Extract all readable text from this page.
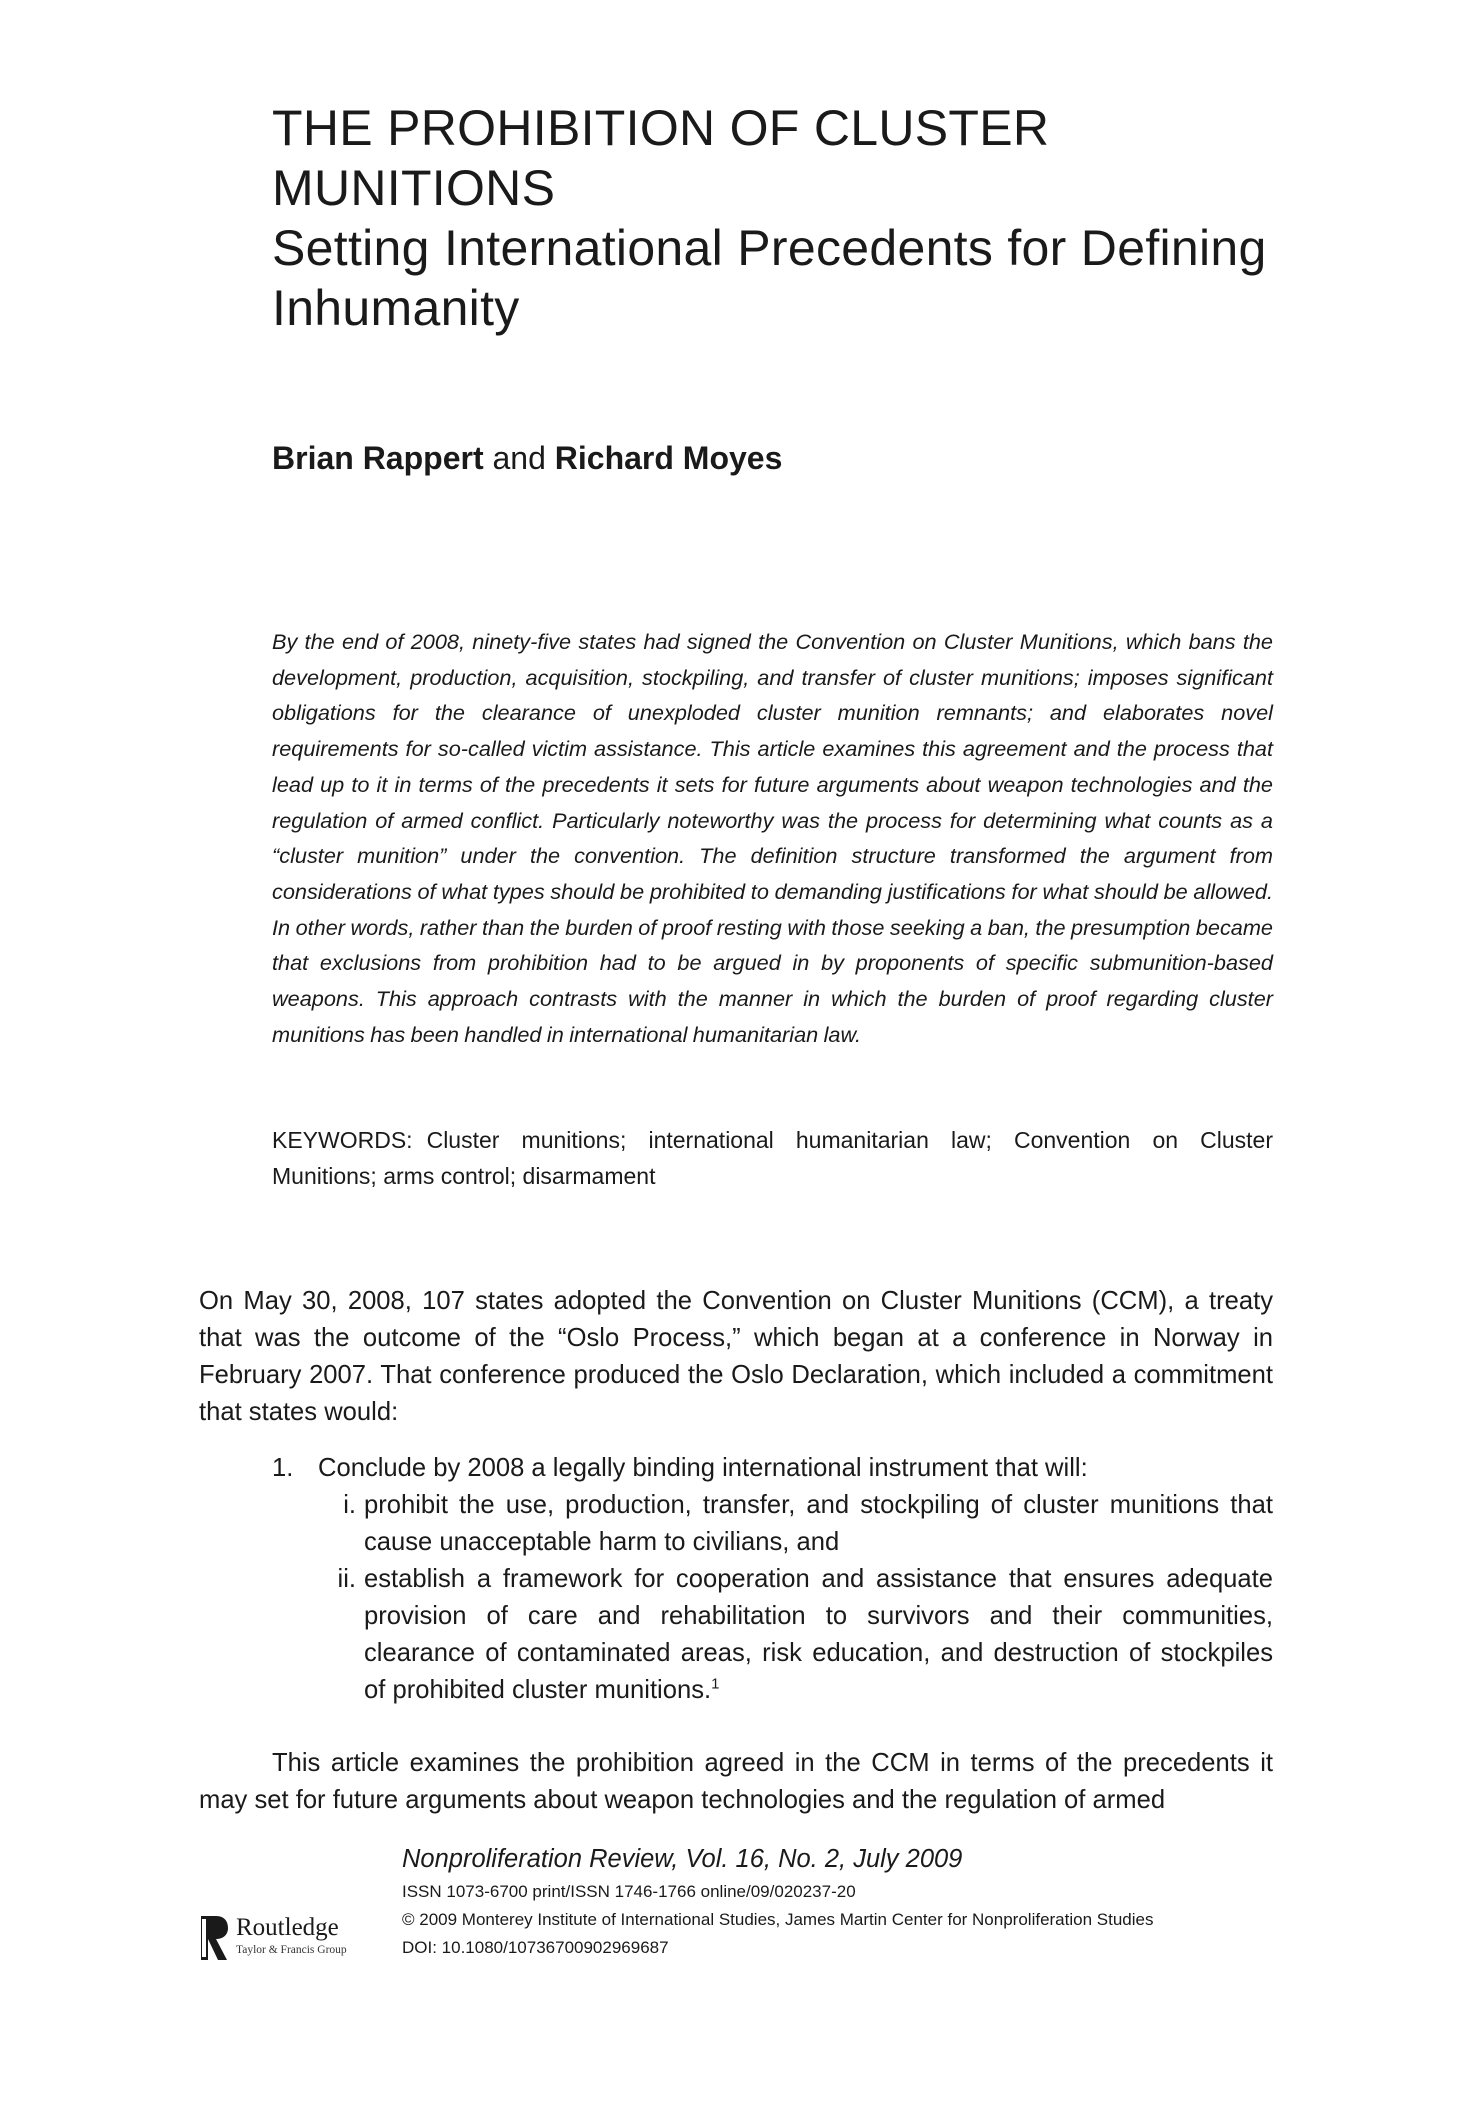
THE PROHIBITION OF CLUSTER
MUNITIONS
Setting International Precedents for Defining
Inhumanity
Brian Rappert and Richard Moyes
By the end of 2008, ninety-five states had signed the Convention on Cluster Munitions, which bans the development, production, acquisition, stockpiling, and transfer of cluster munitions; imposes significant obligations for the clearance of unexploded cluster munition remnants; and elaborates novel requirements for so-called victim assistance. This article examines this agreement and the process that lead up to it in terms of the precedents it sets for future arguments about weapon technologies and the regulation of armed conflict. Particularly noteworthy was the process for determining what counts as a “cluster munition” under the convention. The definition structure transformed the argument from considerations of what types should be prohibited to demanding justifications for what should be allowed. In other words, rather than the burden of proof resting with those seeking a ban, the presumption became that exclusions from prohibition had to be argued in by proponents of specific submunition-based weapons. This approach contrasts with the manner in which the burden of proof regarding cluster munitions has been handled in international humanitarian law.
KEYWORDS: Cluster munitions; international humanitarian law; Convention on Cluster Munitions; arms control; disarmament
On May 30, 2008, 107 states adopted the Convention on Cluster Munitions (CCM), a treaty that was the outcome of the “Oslo Process,” which began at a conference in Norway in February 2007. That conference produced the Oslo Declaration, which included a commitment that states would:
1. Conclude by 2008 a legally binding international instrument that will:
i. prohibit the use, production, transfer, and stockpiling of cluster munitions that cause unacceptable harm to civilians, and
ii. establish a framework for cooperation and assistance that ensures adequate provision of care and rehabilitation to survivors and their communities, clearance of contaminated areas, risk education, and destruction of stockpiles of prohibited cluster munitions.$^1$
This article examines the prohibition agreed in the CCM in terms of the precedents it may set for future arguments about weapon technologies and the regulation of armed
Routledge
Taylor & Francis Group
Nonproliferation Review, Vol. 16, No. 2, July 2009
ISSN 1073-6700 print/ISSN 1746-1766 online/09/020237-20
© 2009 Monterey Institute of International Studies, James Martin Center for Nonproliferation Studies
DOI: 10.1080/10736700902969687
